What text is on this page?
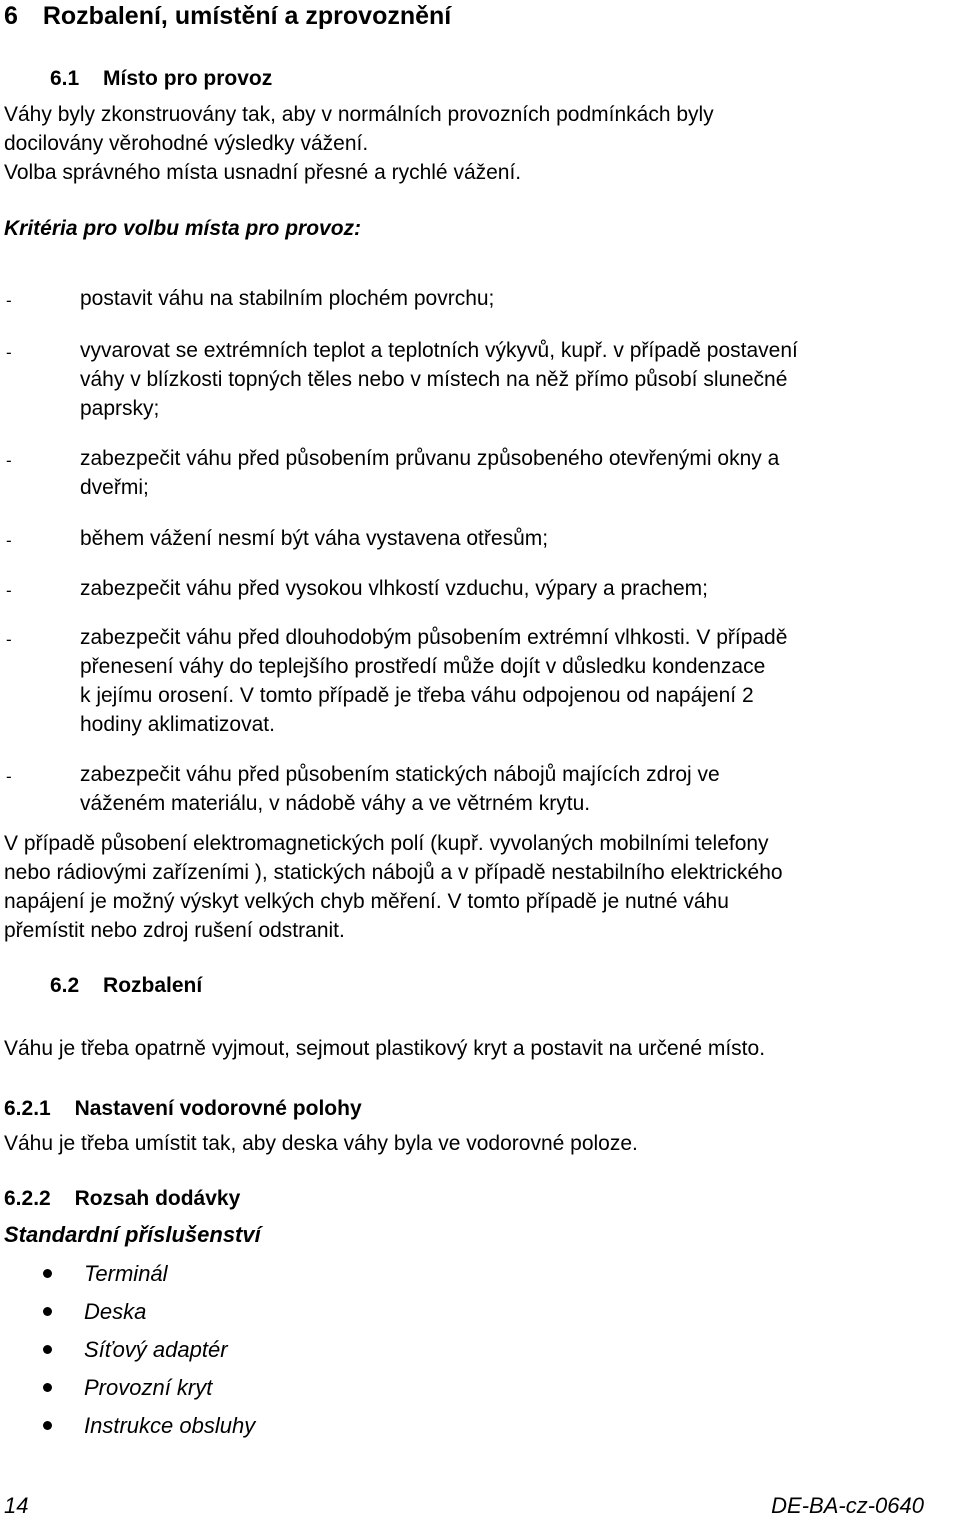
6 Rozbalení, umístění a zprovoznění
6.1 Místo pro provoz
Váhy byly zkonstruovány tak, aby v normálních provozních podmínkách byly
docilovány věrohodné výsledky vážení.
Volba správného místa usnadní přesné a rychlé vážení.
Kritéria pro volbu místa pro provoz:
-	postavit váhu na stabilním plochém povrchu;
-	vyvarovat se extrémních teplot a teplotních výkyvů, kupř. v případě postavení
váhy v blízkosti topných těles nebo v místech na něž přímo působí slunečné
paprsky;
-	zabezpečit váhu před působením průvanu způsobeného otevřenými okny a
dveřmi;
-	během vážení nesmí být váha vystavena otřesům;
-	zabezpečit váhu před vysokou vlhkostí vzduchu, výpary a prachem;
-	zabezpečit váhu před dlouhodobým působením extrémní vlhkosti. V případě
přenesení váhy do teplejšího prostředí může dojít v důsledku kondenzace
k jejímu orosení. V tomto případě je třeba váhu odpojenou od napájení 2
hodiny aklimatizovat.
-	zabezpečit váhu před působením statických nábojů majících zdroj ve
váženém materiálu, v nádobě váhy a ve větrném krytu.
V případě působení elektromagnetických polí (kupř. vyvolaných mobilními telefony
nebo rádiovými zařízeními ), statických nábojů a v případě nestabilního elektrického
napájení je možný výskyt velkých chyb měření. V tomto případě je nutné váhu
přemístit nebo zdroj rušení odstranit.
6.2 Rozbalení
Váhu je třeba opatrně vyjmout, sejmout plastikový kryt a postavit na určené místo.
6.2.1 Nastavení vodorovné polohy
Váhu je třeba umístit tak, aby deska váhy byla ve vodorovné poloze.
6.2.2 Rozsah dodávky
Standardní příslušenství
Terminál
Deska
Síťový adaptér
Provozní kryt
Instrukce obsluhy
14	DE-BA-cz-0640
